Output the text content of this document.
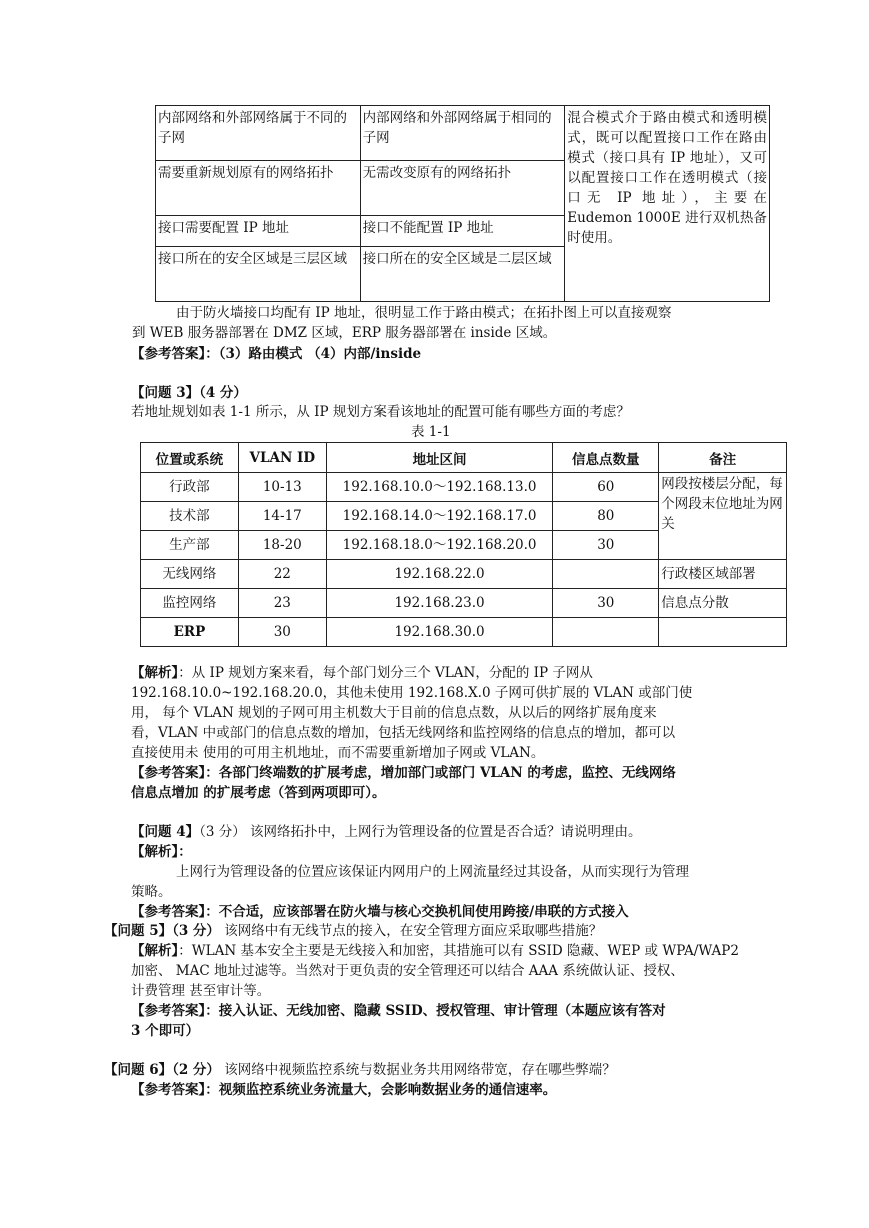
内部网络和外部网络属于不同的子网	内部网络和外部网络属于相同的子网	混合模式介于路由模式和透明模式，既可以配置接口工作在路由模式（接口具有 IP 地址），又可以配置接口工作在透明模式（接口无 IP 地址），主要在 Eudemon 1000E 进行双机热备时使用。
需要重新规划原有的网络拓扑	无需改变原有的网络拓扑	
接口需要配置 IP 地址	接口不能配置 IP 地址	
接口所在的安全区域是三层区域	接口所在的安全区域是二层区域	
由于防火墙接口均配有 IP 地址，很明显工作于路由模式；在拓扑图上可以直接观察
到 WEB 服务器部署在 DMZ 区域，ERP 服务器部署在 inside 区域。
【参考答案】：（3）路由模式 （4）内部/inside
【问题 3】（4 分）
若地址规划如表 1-1 所示，从 IP 规划方案看该地址的配置可能有哪些方面的考虑？
表 1-1
位置或系统	VLAN ID	地址区间	信息点数量	备注
行政部	10-13	192.168.10.0～192.168.13.0	60	网段按楼层分配，每个网段末位地址为网关
技术部	14-17	192.168.14.0～192.168.17.0	80	
生产部	18-20	192.168.18.0～192.168.20.0	30	
无线网络	22	192.168.22.0		行政楼区域部署
监控网络	23	192.168.23.0	30	信息点分散
ERP	30	192.168.30.0		
【解析】：从 IP 规划方案来看，每个部门划分三个 VLAN，分配的 IP 子网从
192.168.10.0~192.168.20.0，其他未使用 192.168.X.0 子网可供扩展的 VLAN 或部门使
用， 每个 VLAN 规划的子网可用主机数大于目前的信息点数，从以后的网络扩展角度来
看，VLAN 中或部门的信息点数的增加，包括无线网络和监控网络的信息点的增加，都可以
直接使用未 使用的可用主机地址，而不需要重新增加子网或 VLAN。
【参考答案】：各部门终端数的扩展考虑，增加部门或部门 VLAN 的考虑，监控、无线网络
信息点增加 的扩展考虑（答到两项即可）。
【问题 4】（3 分） 该网络拓扑中，上网行为管理设备的位置是否合适？请说明理由。
【解析】：
上网行为管理设备的位置应该保证内网用户的上网流量经过其设备，从而实现行为管理
策略。
【参考答案】：不合适，应该部署在防火墙与核心交换机间使用跨接/串联的方式接入
【问题 5】（3 分） 该网络中有无线节点的接入，在安全管理方面应采取哪些措施？
【解析】：WLAN 基本安全主要是无线接入和加密，其措施可以有 SSID 隐藏、WEP 或 WPA/WAP2
加密、 MAC 地址过滤等。当然对于更负责的安全管理还可以结合 AAA 系统做认证、授权、
计费管理 甚至审计等。
【参考答案】：接入认证、无线加密、隐藏 SSID、授权管理、审计管理（本题应该有答对
3 个即可）
【问题 6】（2 分） 该网络中视频监控系统与数据业务共用网络带宽，存在哪些弊端？
【参考答案】：视频监控系统业务流量大，会影响数据业务的通信速率。
